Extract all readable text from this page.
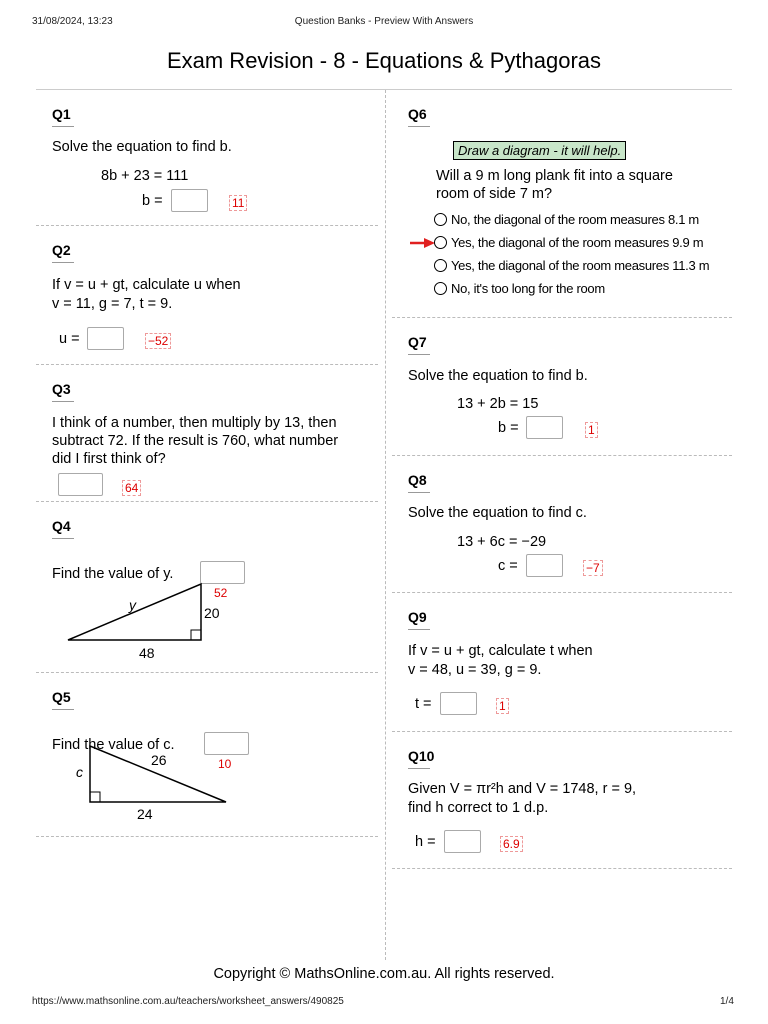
31/08/2024, 13:23	Question Banks - Preview With Answers
Exam Revision - 8 - Equations & Pythagoras
Q1
Solve the equation to find b.
8b + 23 = 111
b =	11
Q2
If v = u + gt, calculate u when
v = 11, g = 7, t = 9.
u =	−52
Q3
I think of a number, then multiply by 13, then
subtract 72. If the result is 760, what number
did I first think of?
64
Q4
Find the value of y.
52
y	20
48
Q5
Find the value of c.
10
26
c
24
Q6
Draw a diagram - it will help.
Will a 9 m long plank fit into a square
room of side 7 m?
No, the diagonal of the room measures 8.1 m
Yes, the diagonal of the room measures 9.9 m
Yes, the diagonal of the room measures 11.3 m
No, it's too long for the room
Q7
Solve the equation to find b.
13 + 2b = 15
b =	1
Q8
Solve the equation to find c.
13 + 6c = −29
c =	−7
Q9
If v = u + gt, calculate t when
v = 48, u = 39, g = 9.
t =	1
Q10
Given V = πr²h and V = 1748, r = 9,
find h correct to 1 d.p.
h =	6.9
Copyright © MathsOnline.com.au. All rights reserved.
https://www.mathsonline.com.au/teachers/worksheet_answers/490825	1/4
